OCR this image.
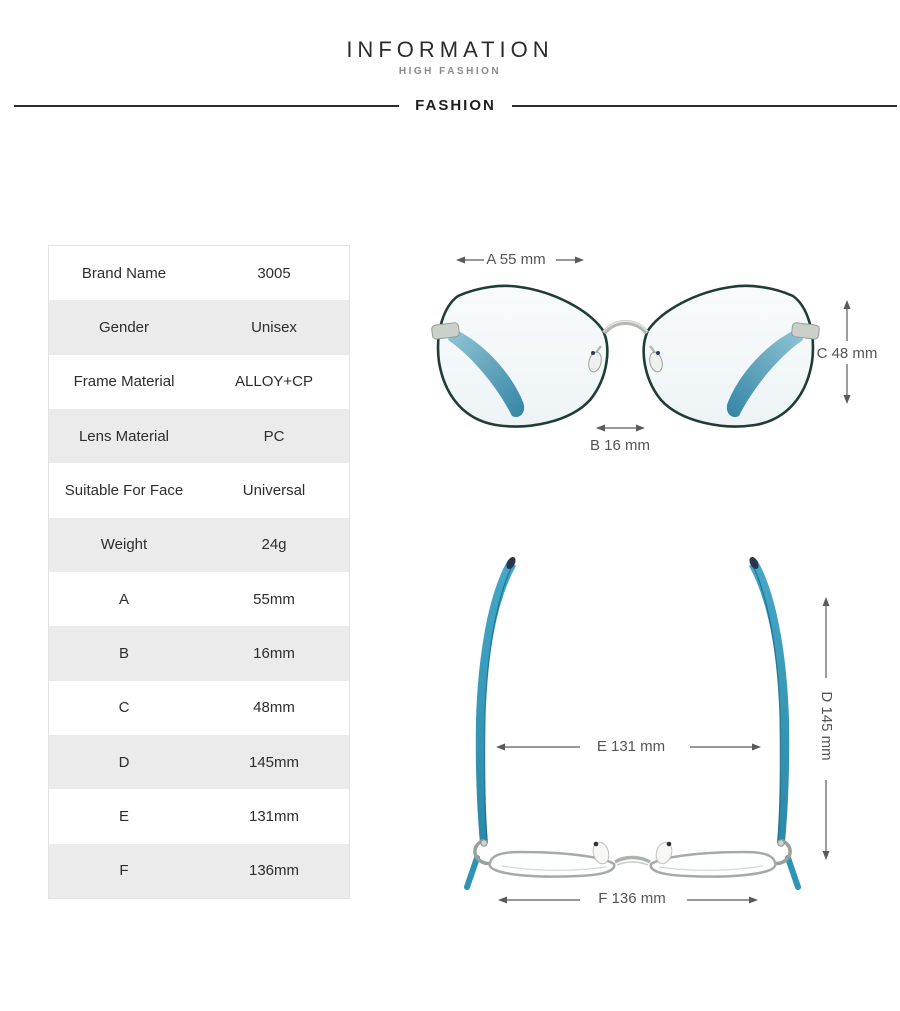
INFORMATION
HIGH FASHION
FASHION
Brand Name	3005
Gender	Unisex
Frame Material	ALLOY+CP
Lens Material	PC
Suitable For Face	Universal
Weight	24g
A	55mm
B	16mm
C	48mm
D	145mm
E	131mm
F	136mm
A 55 mm
B 16 mm
C 48 mm
D 145 mm
E 131 mm
F 136 mm
